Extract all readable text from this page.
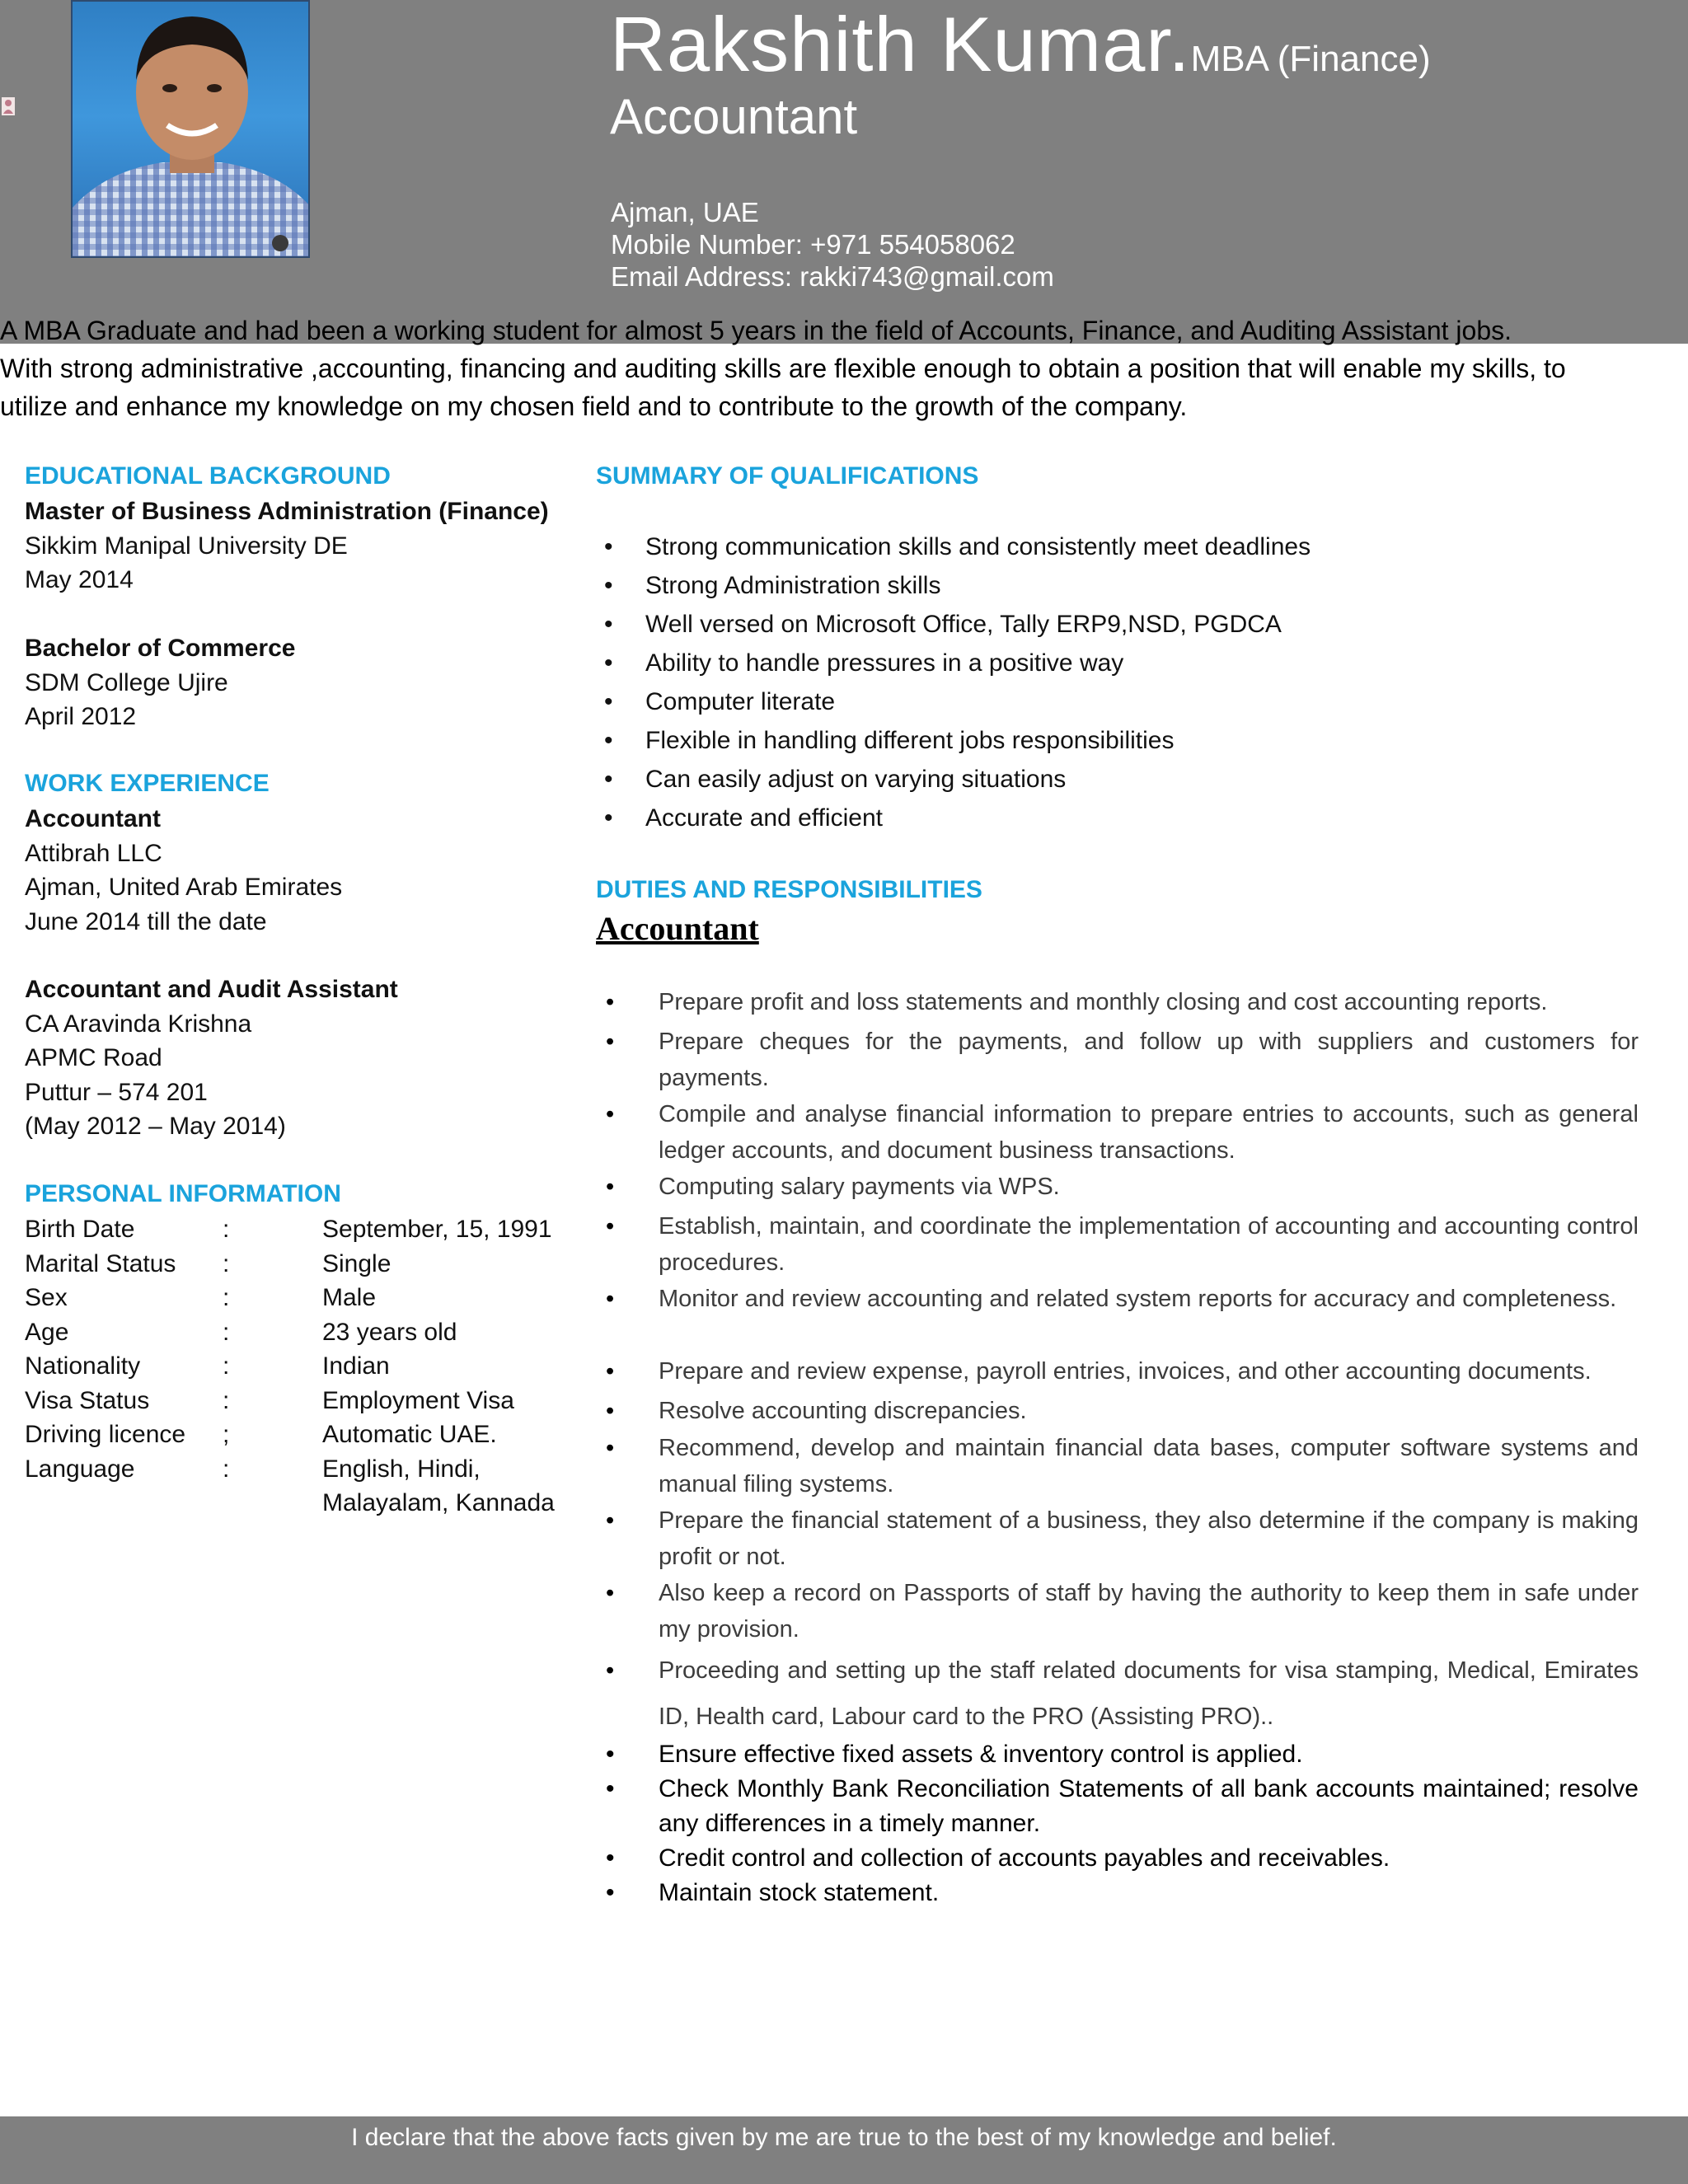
Rakshith Kumar.MBA (Finance)
Accountant
Ajman, UAE
Mobile Number: +971 554058062
Email Address: rakki743@gmail.com

A MBA Graduate and had been a working student for almost 5 years in the field of Accounts, Finance, and Auditing Assistant jobs.

With strong administrative ,accounting, financing and auditing skills are flexible enough to obtain a position that will enable my skills, to

utilize and enhance my knowledge on my chosen field and to contribute to the growth of the company.

EDUCATIONAL BACKGROUND
Master of Business Administration (Finance)
Sikkim Manipal University DE
May 2014
Bachelor of Commerce
SDM College Ujire
April 2012
WORK EXPERIENCE
Accountant
Attibrah LLC
Ajman, United Arab Emirates
June 2014 till the date
Accountant and Audit Assistant
CA Aravinda Krishna
APMC Road
Puttur – 574 201
(May 2012 – May 2014)
PERSONAL INFORMATION
Birth Date	:	September, 15, 1991
Marital Status :	Single
Sex	:	Male
Age	:	23 years old
Nationality	:	Indian
Visa Status	:	Employment Visa
Driving licence ;	Automatic UAE.
Language	:	English, Hindi,
Malayalam, Kannada
SUMMARY OF QUALIFICATIONS
• Strong communication skills and consistently meet deadlines
• Strong Administration skills
• Well versed on Microsoft Office, Tally ERP9,NSD, PGDCA
• Ability to handle pressures in a positive way
• Computer literate
• Flexible in handling different jobs responsibilities
• Can easily adjust on varying situations
• Accurate and efficient
DUTIES AND RESPONSIBILITIES
Accountant
• Prepare profit and loss statements and monthly closing and cost accounting reports.
• Prepare cheques for the payments, and follow up with suppliers and customers for payments.
• Compile and analyse financial information to prepare entries to accounts, such as general ledger accounts, and document business transactions.
• Computing salary payments via WPS.
• Establish, maintain, and coordinate the implementation of accounting and accounting control procedures.
• Monitor and review accounting and related system reports for accuracy and completeness.
• Prepare and review expense, payroll entries, invoices, and other accounting documents.
• Resolve accounting discrepancies.
• Recommend, develop and maintain financial data bases, computer software systems and manual filing systems.
• Prepare the financial statement of a business, they also determine if the company is making profit or not.
• Also keep a record on Passports of staff by having the authority to keep them in safe under my provision.
• Proceeding and setting up the staff related documents for visa stamping, Medical, Emirates ID, Health card, Labour card to the PRO (Assisting PRO)..
• Ensure effective fixed assets & inventory control is applied.
• Check Monthly Bank Reconciliation Statements of all bank accounts maintained; resolve any differences in a timely manner.
• Credit control and collection of accounts payables and receivables.
• Maintain stock statement.
I declare that the above facts given by me are true to the best of my knowledge and belief.
